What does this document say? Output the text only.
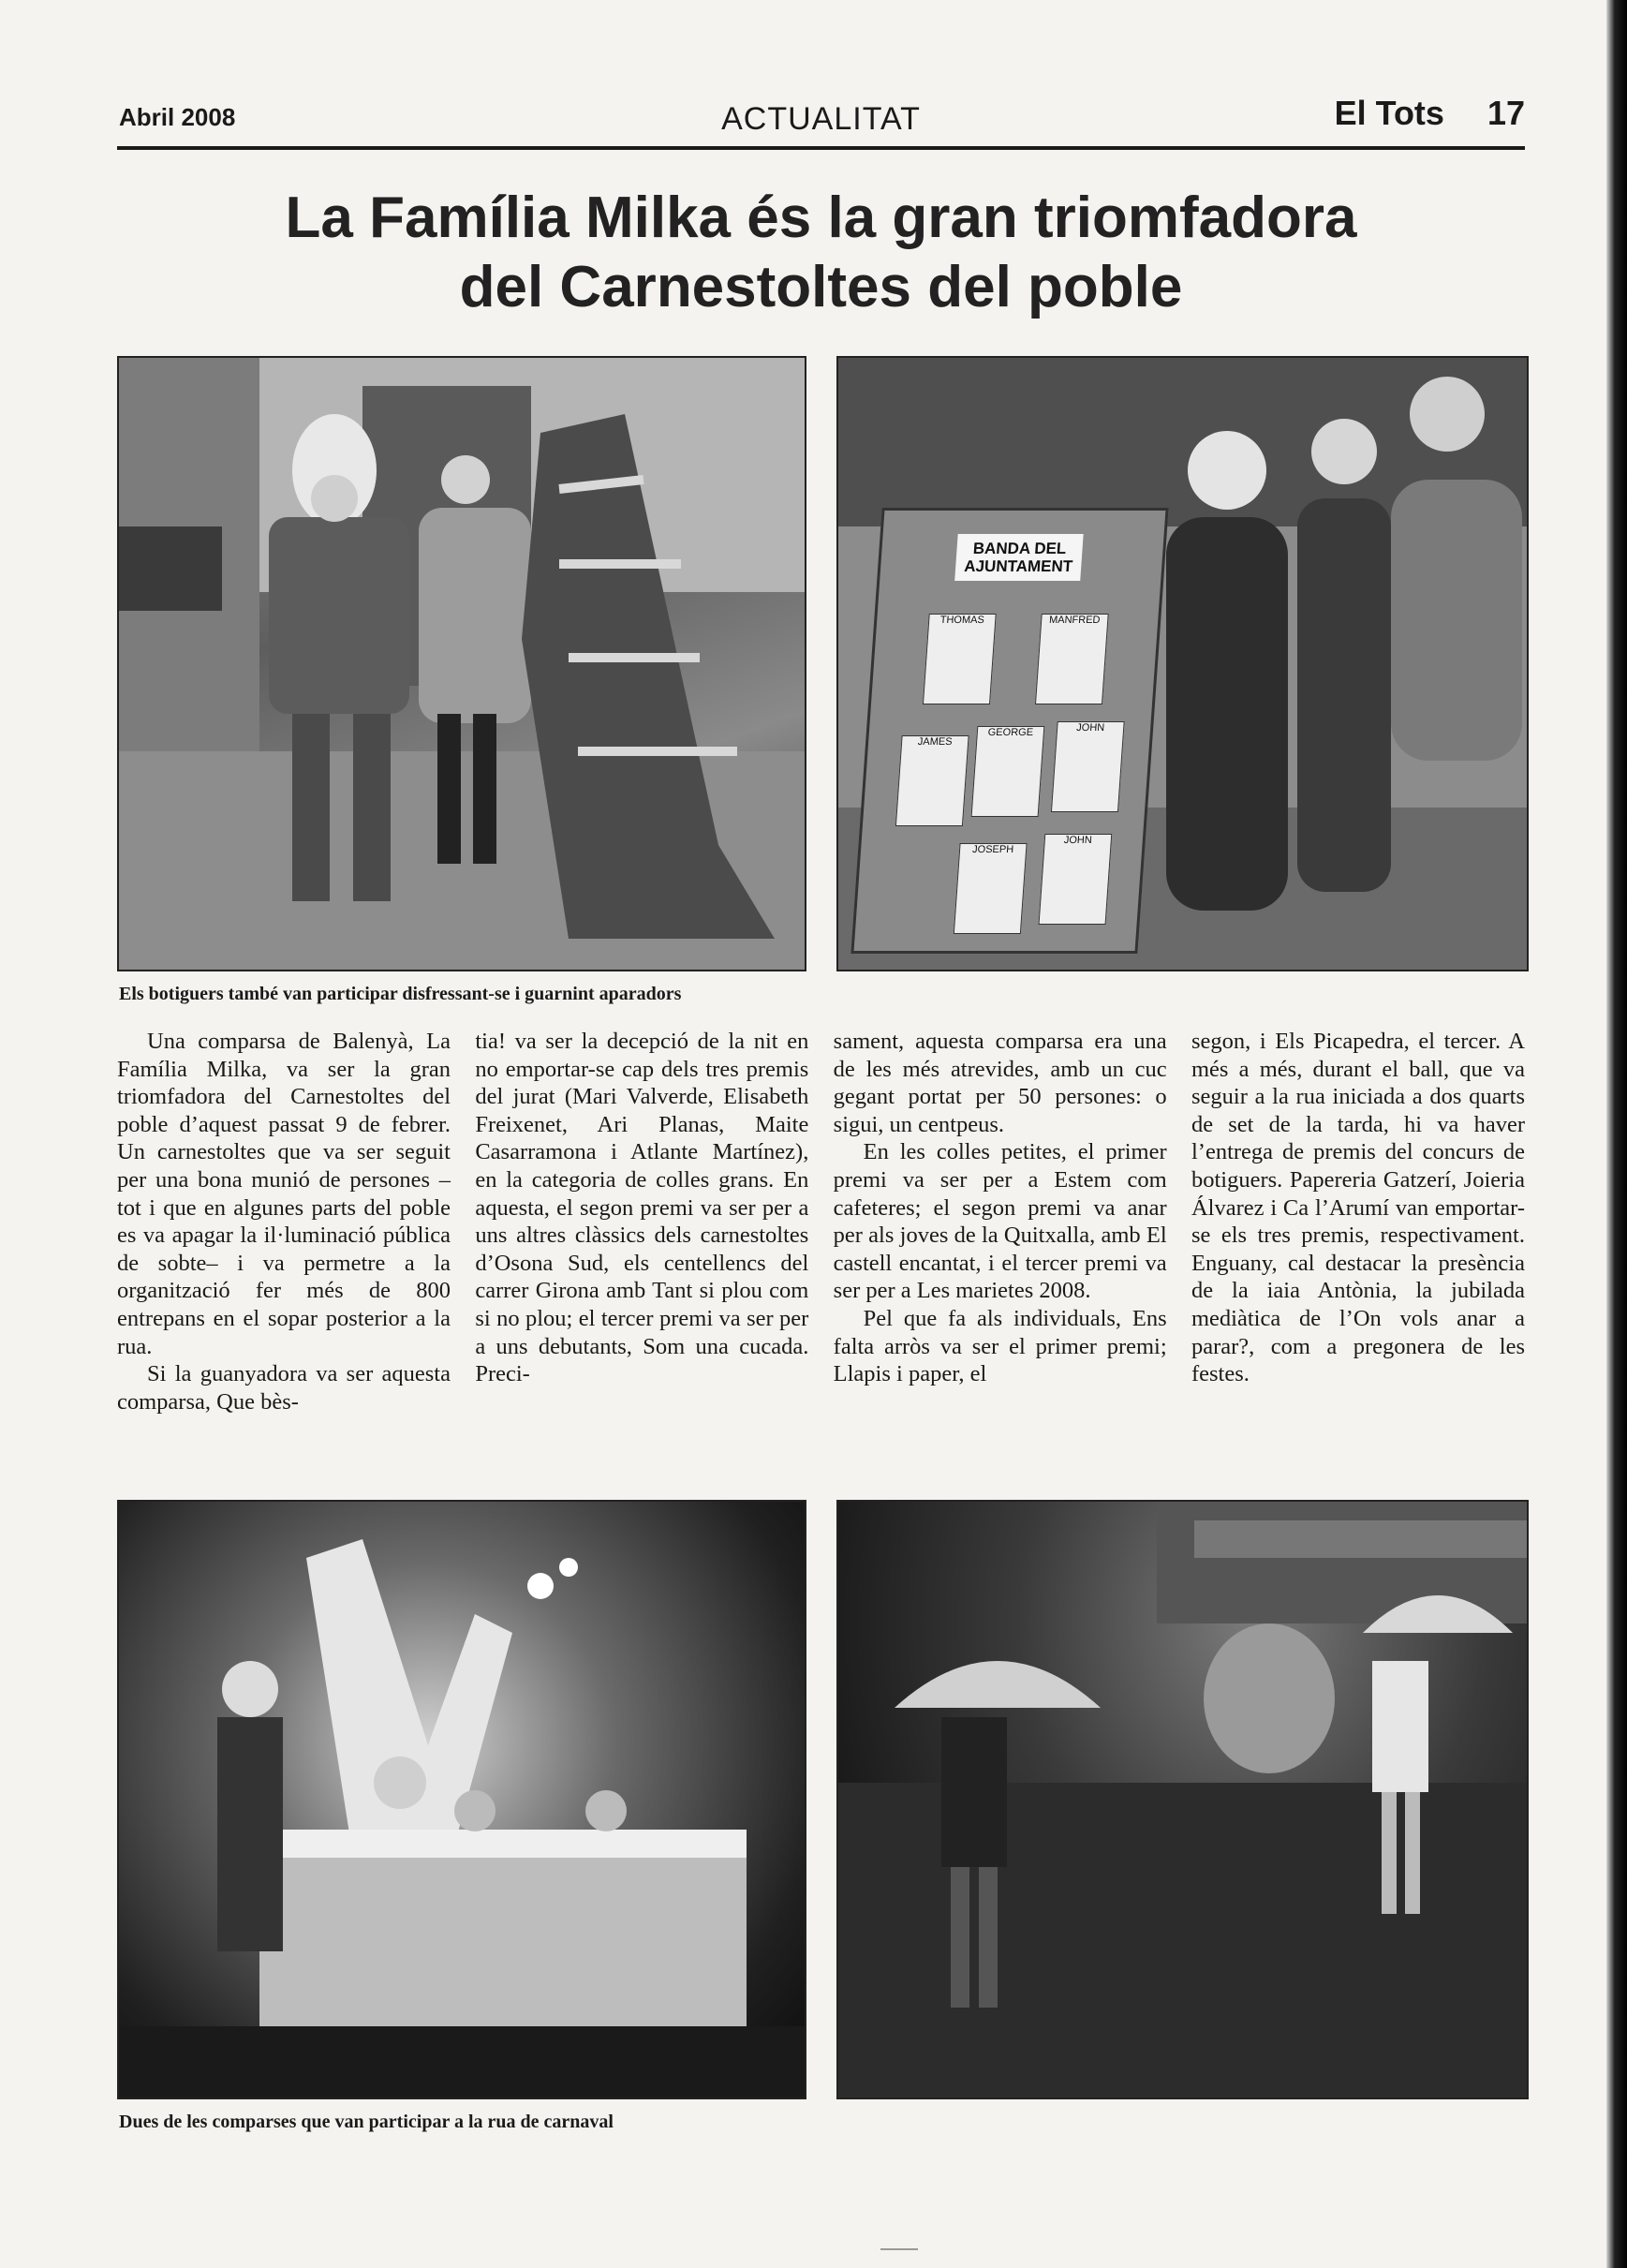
Abril 2008	ACTUALITAT	El Tots 17
La Família Milka és la gran triomfadora
del Carnestoltes del poble
BANDA DEL AJUNTAMENT
THOMAS	MANFRED
JAMES
GEORGE	JOHN
JOSEPH
JOHN
Els botiguers també van participar disfressant-se i guarnint aparadors

Una comparsa de Balenyà, La Família Milka, va ser la gran triomfadora del Carnestoltes del poble d’aquest passat 9 de febrer. Un carnestoltes que va ser seguit per una bona munió de persones –tot i que en algunes parts del poble es va apagar la il·luminació pública de sobte– i va permetre a la organització fer més de 800 entrepans en el sopar posterior a la rua.

Si la guanyadora va ser aquesta comparsa, Que bès-

tia! va ser la decepció de la nit en no emportar-se cap dels tres premis del jurat (Mari Valverde, Elisabeth Freixenet, Ari Planas, Maite Casarramona i Atlante Martínez), en la categoria de colles grans. En aquesta, el segon premi va ser per a uns altres clàssics dels carnestoltes d’Osona Sud, els centellencs del carrer Girona amb Tant si plou com si no plou; el tercer premi va ser per a uns debutants, Som una cucada. Preci-

sament, aquesta comparsa era una de les més atrevides, amb un cuc gegant portat per 50 persones: o sigui, un centpeus.

En les colles petites, el primer premi va ser per a Estem com cafeteres; el segon premi va anar per als joves de la Quitxalla, amb El castell encantat, i el tercer premi va ser per a Les marietes 2008.

Pel que fa als individuals, Ens falta arròs va ser el primer premi; Llapis i paper, el

segon, i Els Picapedra, el tercer. A més a més, durant el ball, que va seguir a la rua iniciada a dos quarts de set de la tarda, hi va haver l’entrega de premis del concurs de botiguers. Papereria Gatzerí, Joieria Álvarez i Ca l’Arumí van emportar-se els tres premis, respectivament. Enguany, cal destacar la presència de la iaia Antònia, la jubilada mediàtica de l’On vols anar a parar?, com a pregonera de les festes.

Dues de les comparses que van participar a la rua de carnaval
